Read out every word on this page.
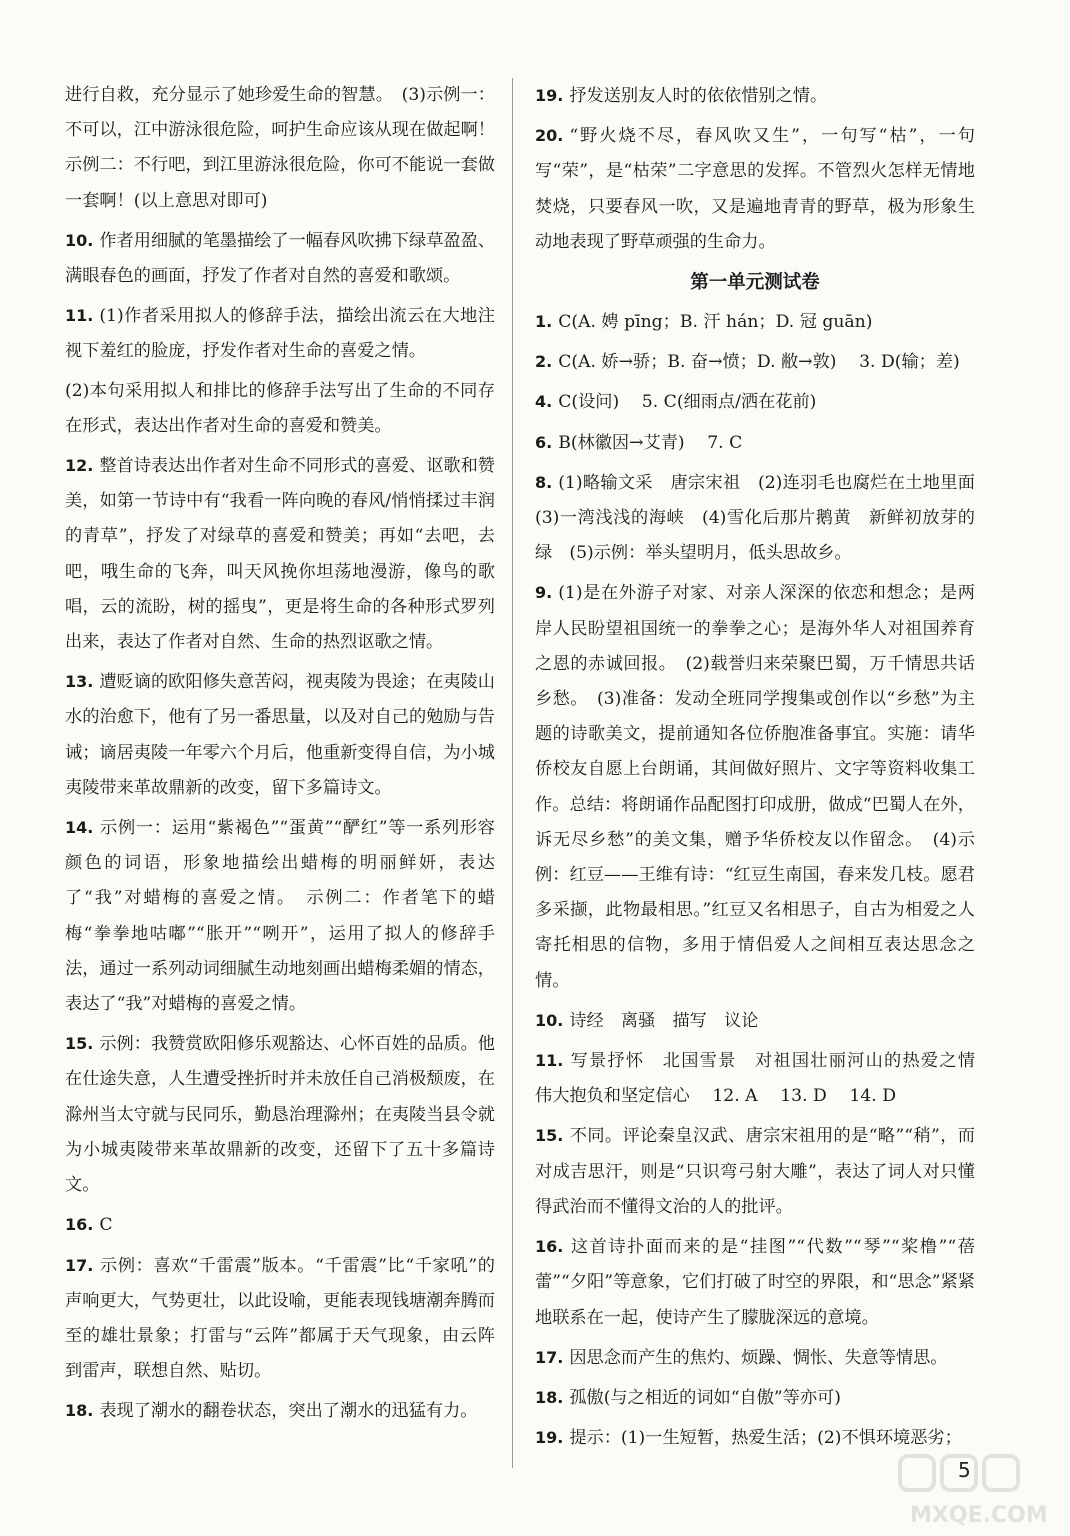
进行自救，充分显示了她珍爱生命的智慧。　(3)示例一：不可以，江中游泳很危险，呵护生命应该从现在做起啊！示例二：不行吧，到江里游泳很危险，你可不能说一套做一套啊！(以上意思对即可)
10. 作者用细腻的笔墨描绘了一幅春风吹拂下绿草盈盈、满眼春色的画面，抒发了作者对自然的喜爱和歌颂。
11. (1)作者采用拟人的修辞手法，描绘出流云在大地注视下羞红的脸庞，抒发作者对生命的喜爱之情。
(2)本句采用拟人和排比的修辞手法写出了生命的不同存在形式，表达出作者对生命的喜爱和赞美。
12. 整首诗表达出作者对生命不同形式的喜爱、讴歌和赞美，如第一节诗中有“我看一阵向晚的春风/悄悄揉过丰润的青草”，抒发了对绿草的喜爱和赞美；再如“去吧，去吧，哦生命的飞奔，叫天风挽你坦荡地漫游，像鸟的歌唱，云的流盼，树的摇曳”，更是将生命的各种形式罗列出来，表达了作者对自然、生命的热烈讴歌之情。
13. 遭贬谪的欧阳修失意苦闷，视夷陵为畏途；在夷陵山水的治愈下，他有了另一番思量，以及对自己的勉励与告诫；谪居夷陵一年零六个月后，他重新变得自信，为小城夷陵带来革故鼎新的改变，留下多篇诗文。
14. 示例一：运用“紫褐色”“蛋黄”“酽红”等一系列形容颜色的词语，形象地描绘出蜡梅的明丽鲜妍，表达了“我”对蜡梅的喜爱之情。　示例二：作者笔下的蜡梅“拳拳地咕嘟”“胀开”“咧开”，运用了拟人的修辞手法，通过一系列动词细腻生动地刻画出蜡梅柔媚的情态，表达了“我”对蜡梅的喜爱之情。
15. 示例：我赞赏欧阳修乐观豁达、心怀百姓的品质。他在仕途失意，人生遭受挫折时并未放任自己消极颓废，在滁州当太守就与民同乐，勤恳治理滁州；在夷陵当县令就为小城夷陵带来革故鼎新的改变，还留下了五十多篇诗文。
16. C
17. 示例：喜欢“千雷震”版本。“千雷震”比“千家吼”的声响更大，气势更壮，以此设喻，更能表现钱塘潮奔腾而至的雄壮景象；打雷与“云阵”都属于天气现象，由云阵到雷声，联想自然、贴切。
18. 表现了潮水的翻卷状态，突出了潮水的迅猛有力。
19. 抒发送别友人时的依依惜别之情。
20. “野火烧不尽，春风吹又生”，一句写“枯”，一句写“荣”，是“枯荣”二字意思的发挥。不管烈火怎样无情地焚烧，只要春风一吹，又是遍地青青的野草，极为形象生动地表现了野草顽强的生命力。
第一单元测试卷
1. C(A. 娉 pīng；B. 汗 hán；D. 冠 guān)
2. C(A. 娇→骄；B. 奋→愤；D. 敝→敦)　 3. D(输；差)
4. C(设问)　 5. C(细雨点/洒在花前)
6. B(林徽因→艾青)　 7. C
8. (1)略输文采　唐宗宋祖　(2)连羽毛也腐烂在土地里面　(3)一湾浅浅的海峡　(4)雪化后那片鹅黄　新鲜初放芽的绿　(5)示例：举头望明月，低头思故乡。
9. (1)是在外游子对家、对亲人深深的依恋和想念；是两岸人民盼望祖国统一的拳拳之心；是海外华人对祖国养育之恩的赤诚回报。　(2)载誉归来荣聚巴蜀，万千情思共话乡愁。　(3)准备：发动全班同学搜集或创作以“乡愁”为主题的诗歌美文，提前通知各位侨胞准备事宜。实施：请华侨校友自愿上台朗诵，其间做好照片、文字等资料收集工作。总结：将朗诵作品配图打印成册，做成“巴蜀人在外，诉无尽乡愁”的美文集，赠予华侨校友以作留念。　(4)示例：红豆——王维有诗：“红豆生南国，春来发几枝。愿君多采撷，此物最相思。”红豆又名相思子，自古为相爱之人寄托相思的信物，多用于情侣爱人之间相互表达思念之情。
10. 诗经　离骚　描写　议论
11. 写景抒怀　北国雪景　对祖国壮丽河山的热爱之情　伟大抱负和坚定信心　 12. A　 13. D　 14. D
15. 不同。评论秦皇汉武、唐宗宋祖用的是“略”“稍”，而对成吉思汗，则是“只识弯弓射大雕”，表达了词人对只懂得武治而不懂得文治的人的批评。
16. 这首诗扑面而来的是“挂图”“代数”“琴”“桨橹”“蓓蕾”“夕阳”等意象，它们打破了时空的界限，和“思念”紧紧地联系在一起，使诗产生了朦胧深远的意境。
17. 因思念而产生的焦灼、烦躁、惆怅、失意等情思。
18. 孤傲(与之相近的词如“自傲”等亦可)
19. 提示：(1)一生短暂，热爱生活；(2)不惧环境恶劣；
5
MXQE.COM
